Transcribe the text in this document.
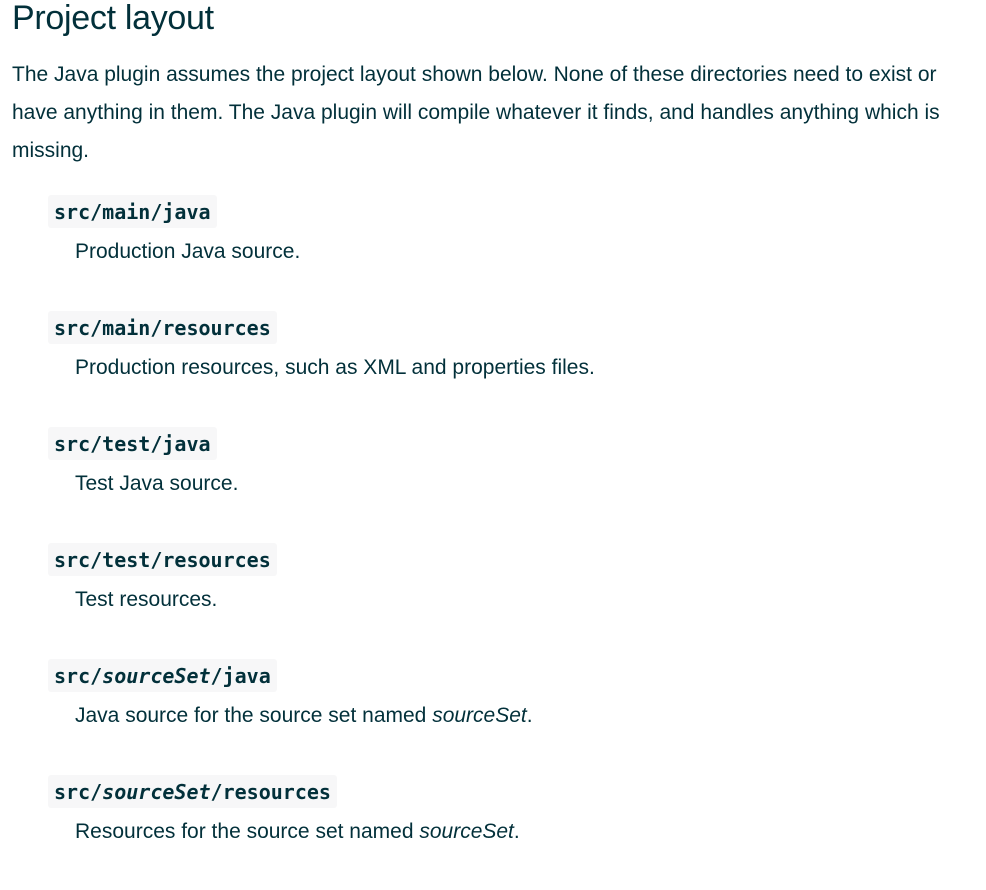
Project layout

The Java plugin assumes the project layout shown below. None of these directories need to exist or have anything in them. The Java plugin will compile whatever it finds, and handles anything which is missing.

src/main/java
Production Java source.
src/main/resources
Production resources, such as XML and properties files.
src/test/java
Test Java source.
src/test/resources
Test resources.
src/sourceSet/java
Java source for the source set named sourceSet.
src/sourceSet/resources
Resources for the source set named sourceSet.
